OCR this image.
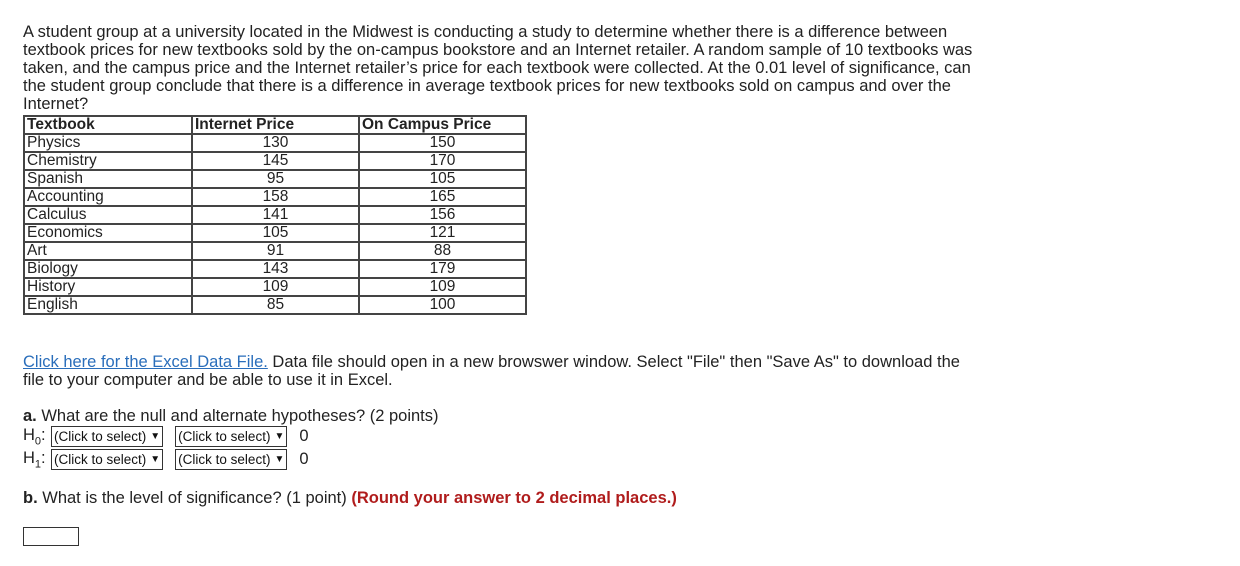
A student group at a university located in the Midwest is conducting a study to determine whether there is a difference between textbook prices for new textbooks sold by the on-campus bookstore and an Internet retailer. A random sample of 10 textbooks was taken, and the campus price and the Internet retailer’s price for each textbook were collected. At the 0.01 level of significance, can the student group conclude that there is a difference in average textbook prices for new textbooks sold on campus and over the Internet?

Textbook	Internet Price	On Campus Price
Physics	130	150
Chemistry	145	170
Spanish	95	105
Accounting	158	165
Calculus	141	156
Economics	105	121
Art	91	88
Biology	143	179
History	109	109
English	85	100

Click here for the Excel Data File. Data file should open in a new browswer window. Select "File" then "Save As" to download the file to your computer and be able to use it in Excel.

a. What are the null and alternate hypotheses? (2 points)

$H_0$: (Click to select) ▼ (Click to select) ▼ 0
$H_1$: (Click to select) ▼ (Click to select) ▼ 0

b. What is the level of significance? (1 point) (Round your answer to 2 decimal places.)
